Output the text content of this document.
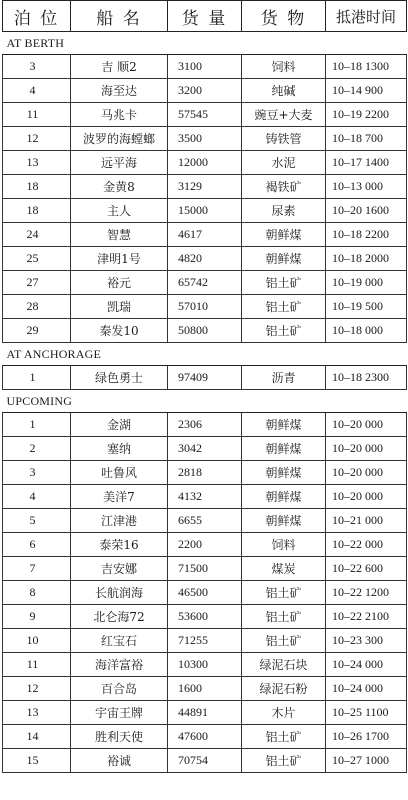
泊 位	船 名	货 量	货 物	抵港时间
AT BERTH				
3	吉 顺2	3100	饲料	10–18 1300
4	海至达	3200	纯碱	10–14 900
11	马兆卡	57545	豌豆+大麦	10–19 2200
12	波罗的海螳螂	3500	铸铁管	10–18 700
13	远平海	12000	水泥	10–17 1400
18	金黄8	3129	褐铁矿	10–13 000
18	主人	15000	尿素	10–20 1600
24	智慧	4617	朝鲜煤	10–18 2200
25	津明1号	4820	朝鲜煤	10–18 2000
27	裕元	65742	铝土矿	10–19 000
28	凯瑞	57010	铝土矿	10–19 500
29	秦发10	50800	铝土矿	10–18 000
AT ANCHORAGE				
1	绿色勇士	97409	沥青	10–18 2300
UPCOMING				
1	金湖	2306	朝鲜煤	10–20 000
2	塞纳	3042	朝鲜煤	10–20 000
3	吐鲁风	2818	朝鲜煤	10–20 000
4	美洋7	4132	朝鲜煤	10–20 000
5	江津港	6655	朝鲜煤	10–21 000
6	泰荣16	2200	饲料	10–22 000
7	吉安娜	71500	煤炭	10–22 600
8	长航润海	46500	铝土矿	10–22 1200
9	北仑海72	53600	铝土矿	10–22 2100
10	红宝石	71255	铝土矿	10–23 300
11	海洋富裕	10300	绿泥石块	10–24 000
12	百合岛	1600	绿泥石粉	10–24 000
13	宇宙王牌	44891	木片	10–25 1100
14	胜利天使	47600	铝土矿	10–26 1700
15	裕诚	70754	铝土矿	10–27 1000
